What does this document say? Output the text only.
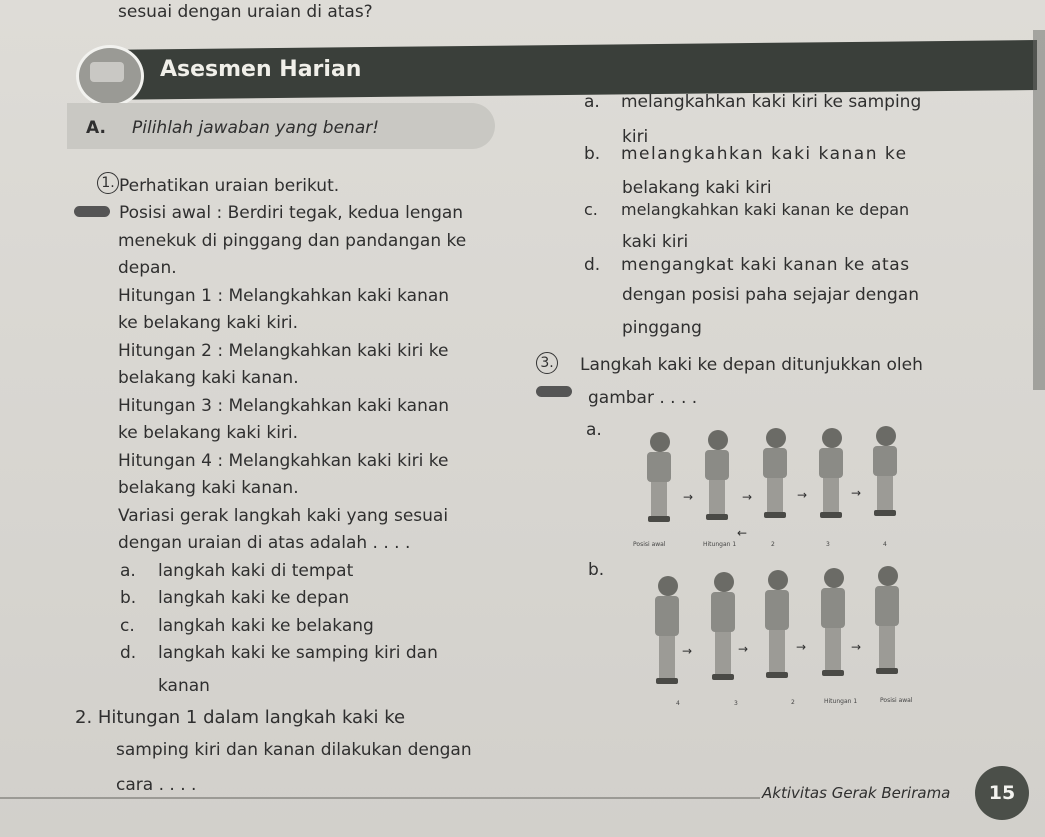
sesuai dengan uraian di atas?
Asesmen Harian
A. Pilihlah jawaban yang benar!
1. Perhatikan uraian berikut.
Posisi awal : Berdiri tegak, kedua lengan
menekuk di pinggang dan pandangan ke
depan.
Hitungan 1 : Melangkahkan kaki kanan
ke belakang kaki kiri.
Hitungan 2 : Melangkahkan kaki kiri ke
belakang kaki kanan.
Hitungan 3 : Melangkahkan kaki kanan
ke belakang kaki kiri.
Hitungan 4 : Melangkahkan kaki kiri ke
belakang kaki kanan.
Variasi gerak langkah kaki yang sesuai
dengan uraian di atas adalah . . . .
a. langkah kaki di tempat
b. langkah kaki ke depan
c. langkah kaki ke belakang
d. langkah kaki ke samping kiri dan
kanan
2. Hitungan 1 dalam langkah kaki ke
samping kiri dan kanan dilakukan dengan
cara . . . .
a. melangkahkan kaki kiri ke samping
kiri
b. melangkahkan kaki kanan ke
belakang kaki kiri
c. melangkahkan kaki kanan ke depan
kaki kiri
d. mengangkat kaki kanan ke atas
dengan posisi paha sejajar dengan
pinggang
3. Langkah kaki ke depan ditunjukkan oleh
gambar . . . .
a.
→	→	→	→
←
Posisi awal	Hitungan 1	2	3	4
b.
→	→	→	→
4	3	2	Hitungan 1	Posisi awal
Aktivitas Gerak Berirama	15
